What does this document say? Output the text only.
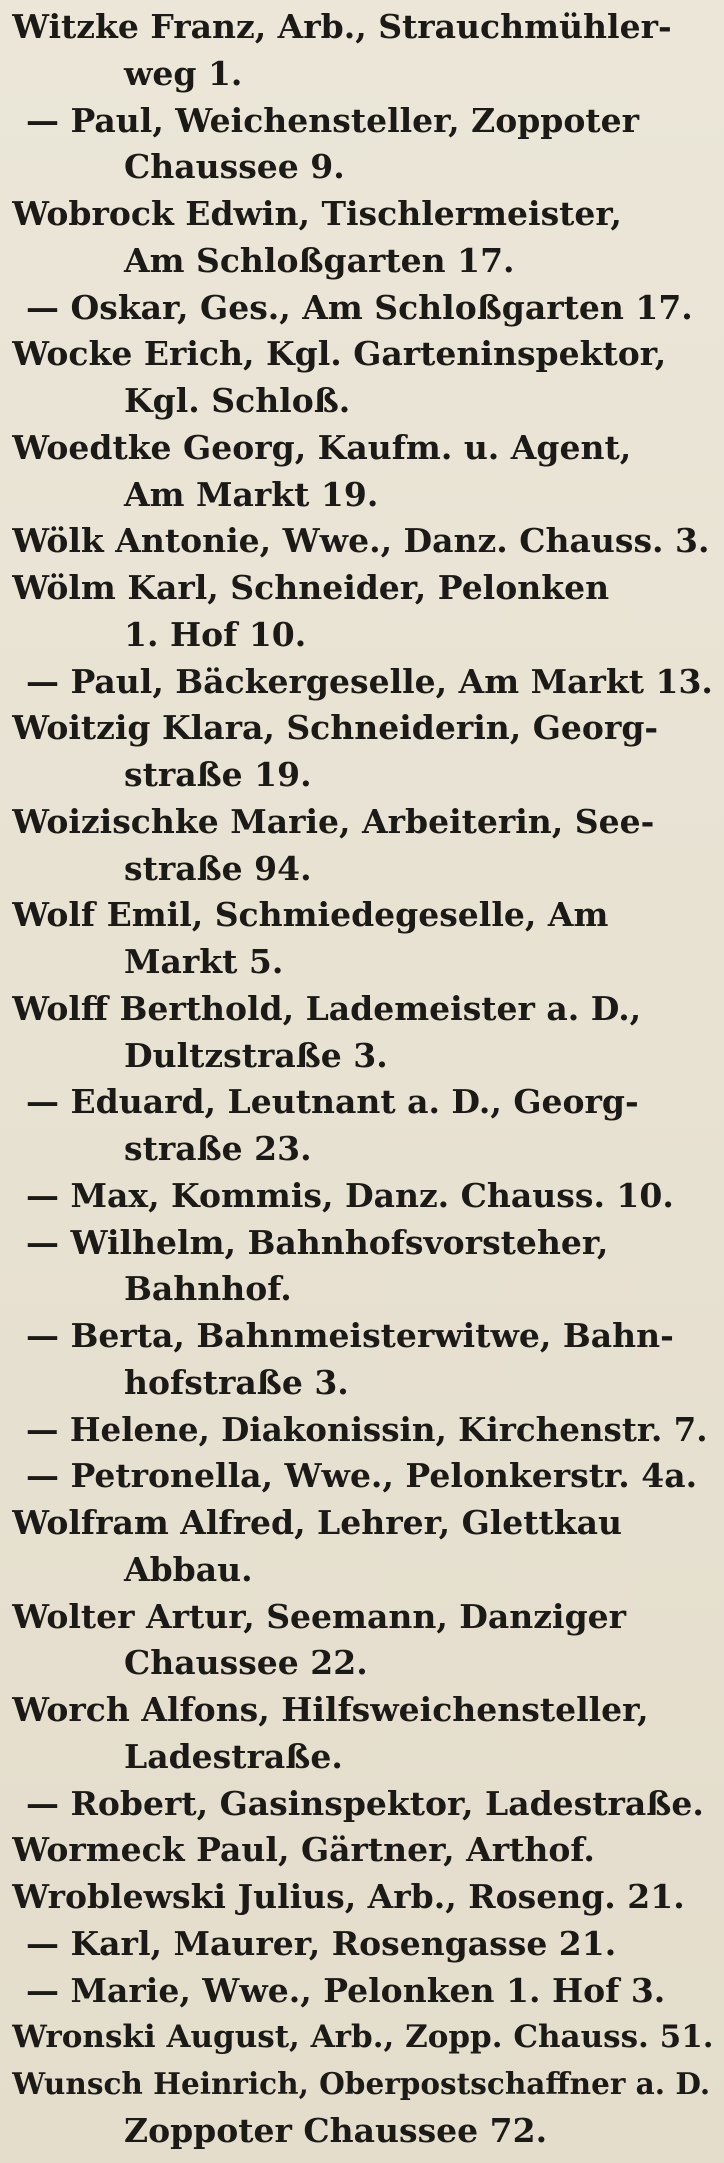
Witzke Franz, Arb., Strauchmühler-
weg 1.
— Paul, Weichensteller, Zoppoter
Chaussee 9.
Wobrock Edwin, Tischlermeister,
Am Schloßgarten 17.
— Oskar, Ges., Am Schloßgarten 17.
Wocke Erich, Kgl. Garteninspektor,
Kgl. Schloß.
Woedtke Georg, Kaufm. u. Agent,
Am Markt 19.
Wölk Antonie, Wwe., Danz. Chauss. 3.
Wölm Karl, Schneider, Pelonken
1. Hof 10.
— Paul, Bäckergeselle, Am Markt 13.
Woitzig Klara, Schneiderin, Georg-
straße 19.
Woizischke Marie, Arbeiterin, See-
straße 94.
Wolf Emil, Schmiedegeselle, Am
Markt 5.
Wolff Berthold, Lademeister a. D.,
Dultzstraße 3.
— Eduard, Leutnant a. D., Georg-
straße 23.
— Max, Kommis, Danz. Chauss. 10.
— Wilhelm, Bahnhofsvorsteher,
Bahnhof.
— Berta, Bahnmeisterwitwe, Bahn-
hofstraße 3.
— Helene, Diakonissin, Kirchenstr. 7.
— Petronella, Wwe., Pelonkerstr. 4a.
Wolfram Alfred, Lehrer, Glettkau
Abbau.
Wolter Artur, Seemann, Danziger
Chaussee 22.
Worch Alfons, Hilfsweichensteller,
Ladestraße.
— Robert, Gasinspektor, Ladestraße.
Wormeck Paul, Gärtner, Arthof.
Wroblewski Julius, Arb., Roseng. 21.
— Karl, Maurer, Rosengasse 21.
— Marie, Wwe., Pelonken 1. Hof 3.
Wronski August, Arb., Zopp. Chauss. 51.
Wunsch Heinrich, Oberpostschaffner a. D.
Zoppoter Chaussee 72.
